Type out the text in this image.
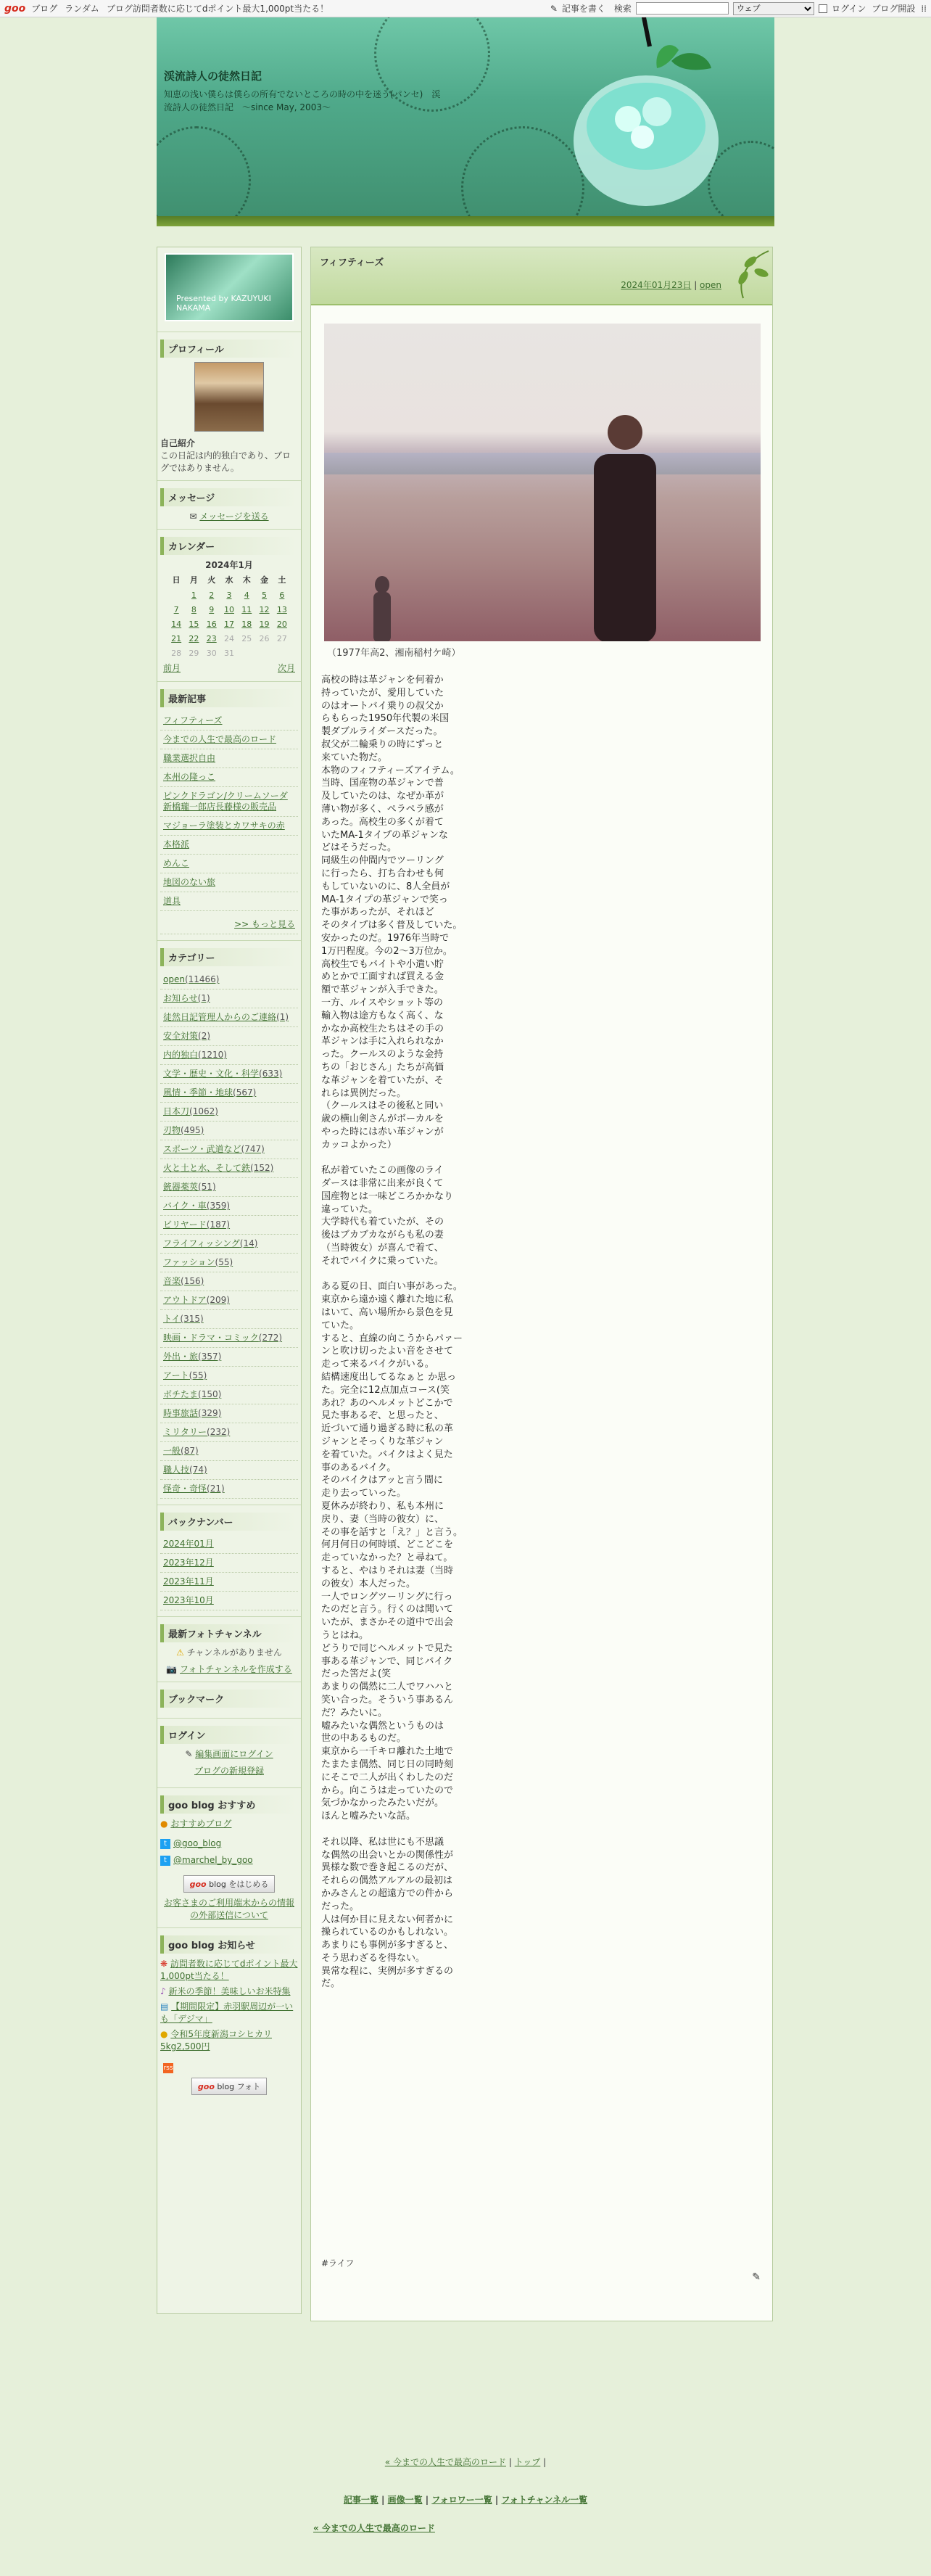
goo ブログ ランダム ブログ訪問者数に応じてdポイント最大1,000pt当たる！	✎ 記事を書く 検索
ウェブ	ログイン ブログ開設 ⁞⁞
渓流詩人の徒然日記
知恵の浅い僕らは僕らの所有でないところの時の中を迷う(パンセ)　渓流詩人の徒然日記　～since May, 2003～
Presented by KAZUYUKI NAKAMA
プロフィール
自己紹介
この日記は内的独白であり、ブログではありません。
メッセージ
✉ メッセージを送る
カレンダー
2024年1月
日	月	火	水	木	金	土
	1	2	3	4	5	6
7	8	9	10	11	12	13
14	15	16	17	18	19	20
21	22	23	24	25	26	27
28	29	30	31			
前月	次月
最新記事
フィフティーズ
今までの人生で最高のロード
職業選択自由
本州の隆っこ
ピンクドラゴン/クリームソーダ新橋瓏一郎店長藤様の販売品
マジョーラ塗装とカワサキの赤
本格派
めんこ
地図のない旅
道具
>> もっと見る
カテゴリー
open(11466)
お知らせ(1)
徒然日記管理人からのご連絡(1)
安全対策(2)
内的独白(1210)
文学・歴史・文化・科学(633)
風情・季節・地球(567)
日本刀(1062)
刃物(495)
スポーツ・武道など(747)
火と土と水、そして鉄(152)
銃器薬莢(51)
バイク・車(359)
ビリヤード(187)
フライフィッシング(14)
ファッション(55)
音楽(156)
アウトドア(209)
トイ(315)
映画・ドラマ・コミック(272)
外出・旅(357)
アート(55)
ボチたま(150)
時事旅話(329)
ミリタリー(232)
一般(87)
職人技(74)
怪奇・奇怪(21)
バックナンバー
2024年01月
2023年12月
2023年11月
2023年10月
最新フォトチャンネル
⚠ チャンネルがありません
📷 フォトチャンネルを作成する
ブックマーク
ログイン
✎ 編集画面にログイン
ブログの新規登録
goo blog おすすめ
● おすすめブログ
t @goo_blog
t @marchel_by_goo
goo blog をはじめる
お客さまのご利用端末からの情報の外部送信について
goo blog お知らせ
❋ 訪問者数に応じてdポイント最大1,000pt当たる！
♪ 新米の季節！美味しいお米特集
▤ 【期間限定】赤羽駅周辺が一いも「デジマ」
● 令和5年度新潟コシヒカリ5kg2,500円
rss
goo blog フォト
フィフティーズ
2024年01月23日 | open
（1977年高2、湘南稲村ケ崎）
高校の時は革ジャンを何着か
持っていたが、愛用していた
のはオートバイ乗りの叔父か
らもらった1950年代製の米国
製ダブルライダースだった。
叔父が二輪乗りの時にずっと
来ていた物だ。
本物のフィフティーズアイテム。
当時、国産物の革ジャンで普
及していたのは、なぜか革が
薄い物が多く、ペラペラ感が
あった。高校生の多くが着て
いたMA-1タイプの革ジャンな
どはそうだった。
同級生の仲間内でツーリング
に行ったら、打ち合わせも何
もしていないのに、8人全員が
MA-1タイプの革ジャンで笑っ
た事があったが、それほど
そのタイプは多く普及していた。
安かったのだ。1976年当時で
1万円程度。今の2～3万位か。
高校生でもバイトや小遣い貯
めとかで工面すれば買える金
額で革ジャンが入手できた。
一方、ルイスやショット等の
輸入物は途方もなく高く、な
かなか高校生たちはその手の
革ジャンは手に入れられなか
った。クールスのような金持
ちの「おじさん」たちが高価
な革ジャンを着ていたが、そ
れらは異例だった。
（クールスはその後私と同い
歳の横山剣さんがボーカルを
やった時には赤い革ジャンが
カッコよかった）

私が着ていたこの画像のライ
ダースは非常に出来が良くて
国産物とは一味どころかかなり
違っていた。
大学時代も着ていたが、その
後はブカブカながらも私の妻
（当時彼女）が喜んで着て、
それでバイクに乗っていた。

ある夏の日、面白い事があった。
東京から遠か遠く離れた地に私
はいて、高い場所から景色を見
ていた。
すると、直線の向こうからパァー
ンと吹け切ったよい音をさせて
走って来るバイクがいる。
結構速度出してるなぁと か思っ
た。完全に12点加点コース(笑
あれ？あのヘルメットどこかで
見た事あるぞ、と思ったと、
近づいて通り過ぎる時に私の革
ジャンとそっくりな革ジャン
を着ていた。バイクはよく見た
事のあるバイク。
そのバイクはアッと言う間に
走り去っていった。
夏休みが終わり、私も本州に
戻り、妻（当時の彼女）に、
その事を話すと「え？」と言う。
何月何日の何時頃、どこどこを
走っていなかった？と尋ねて。
すると、やはりそれは妻（当時
の彼女）本人だった。
一人でロングツーリングに行っ
たのだと言う。行くのは聞いて
いたが、まさかその道中で出会
うとはね。
どうりで同じヘルメットで見た
事ある革ジャンで、同じバイク
だった筈だよ(笑
あまりの偶然に二人でワハハと
笑い合った。そういう事あるん
だ？みたいに。
嘘みたいな偶然というものは
世の中あるものだ。
東京から一千キロ離れた土地で
たまたま偶然、同じ日の同時刻
にそこで二人が出くわしたのだ
から。向こうは走っていたので
気づかなかったみたいだが。
ほんと嘘みたいな話。

それ以降、私は世にも不思議
な偶然の出会いとかの関係性が
異様な数で巻き起こるのだが、
それらの偶然アルアルの最初は
かみさんとの超遠方での件から
だった。
人は何か目に見えない何者かに
操られているのかもしれない。
あまりにも事例が多すぎると、
そう思わざるを得ない。
異常な程に、実例が多すぎるの
だ。
#ライフ
✎
« 今までの人生で最高のロード | トップ |
記事一覧 | 画像一覧 | フォロワー一覧 | フォトチャンネル一覧
« 今までの人生で最高のロード
